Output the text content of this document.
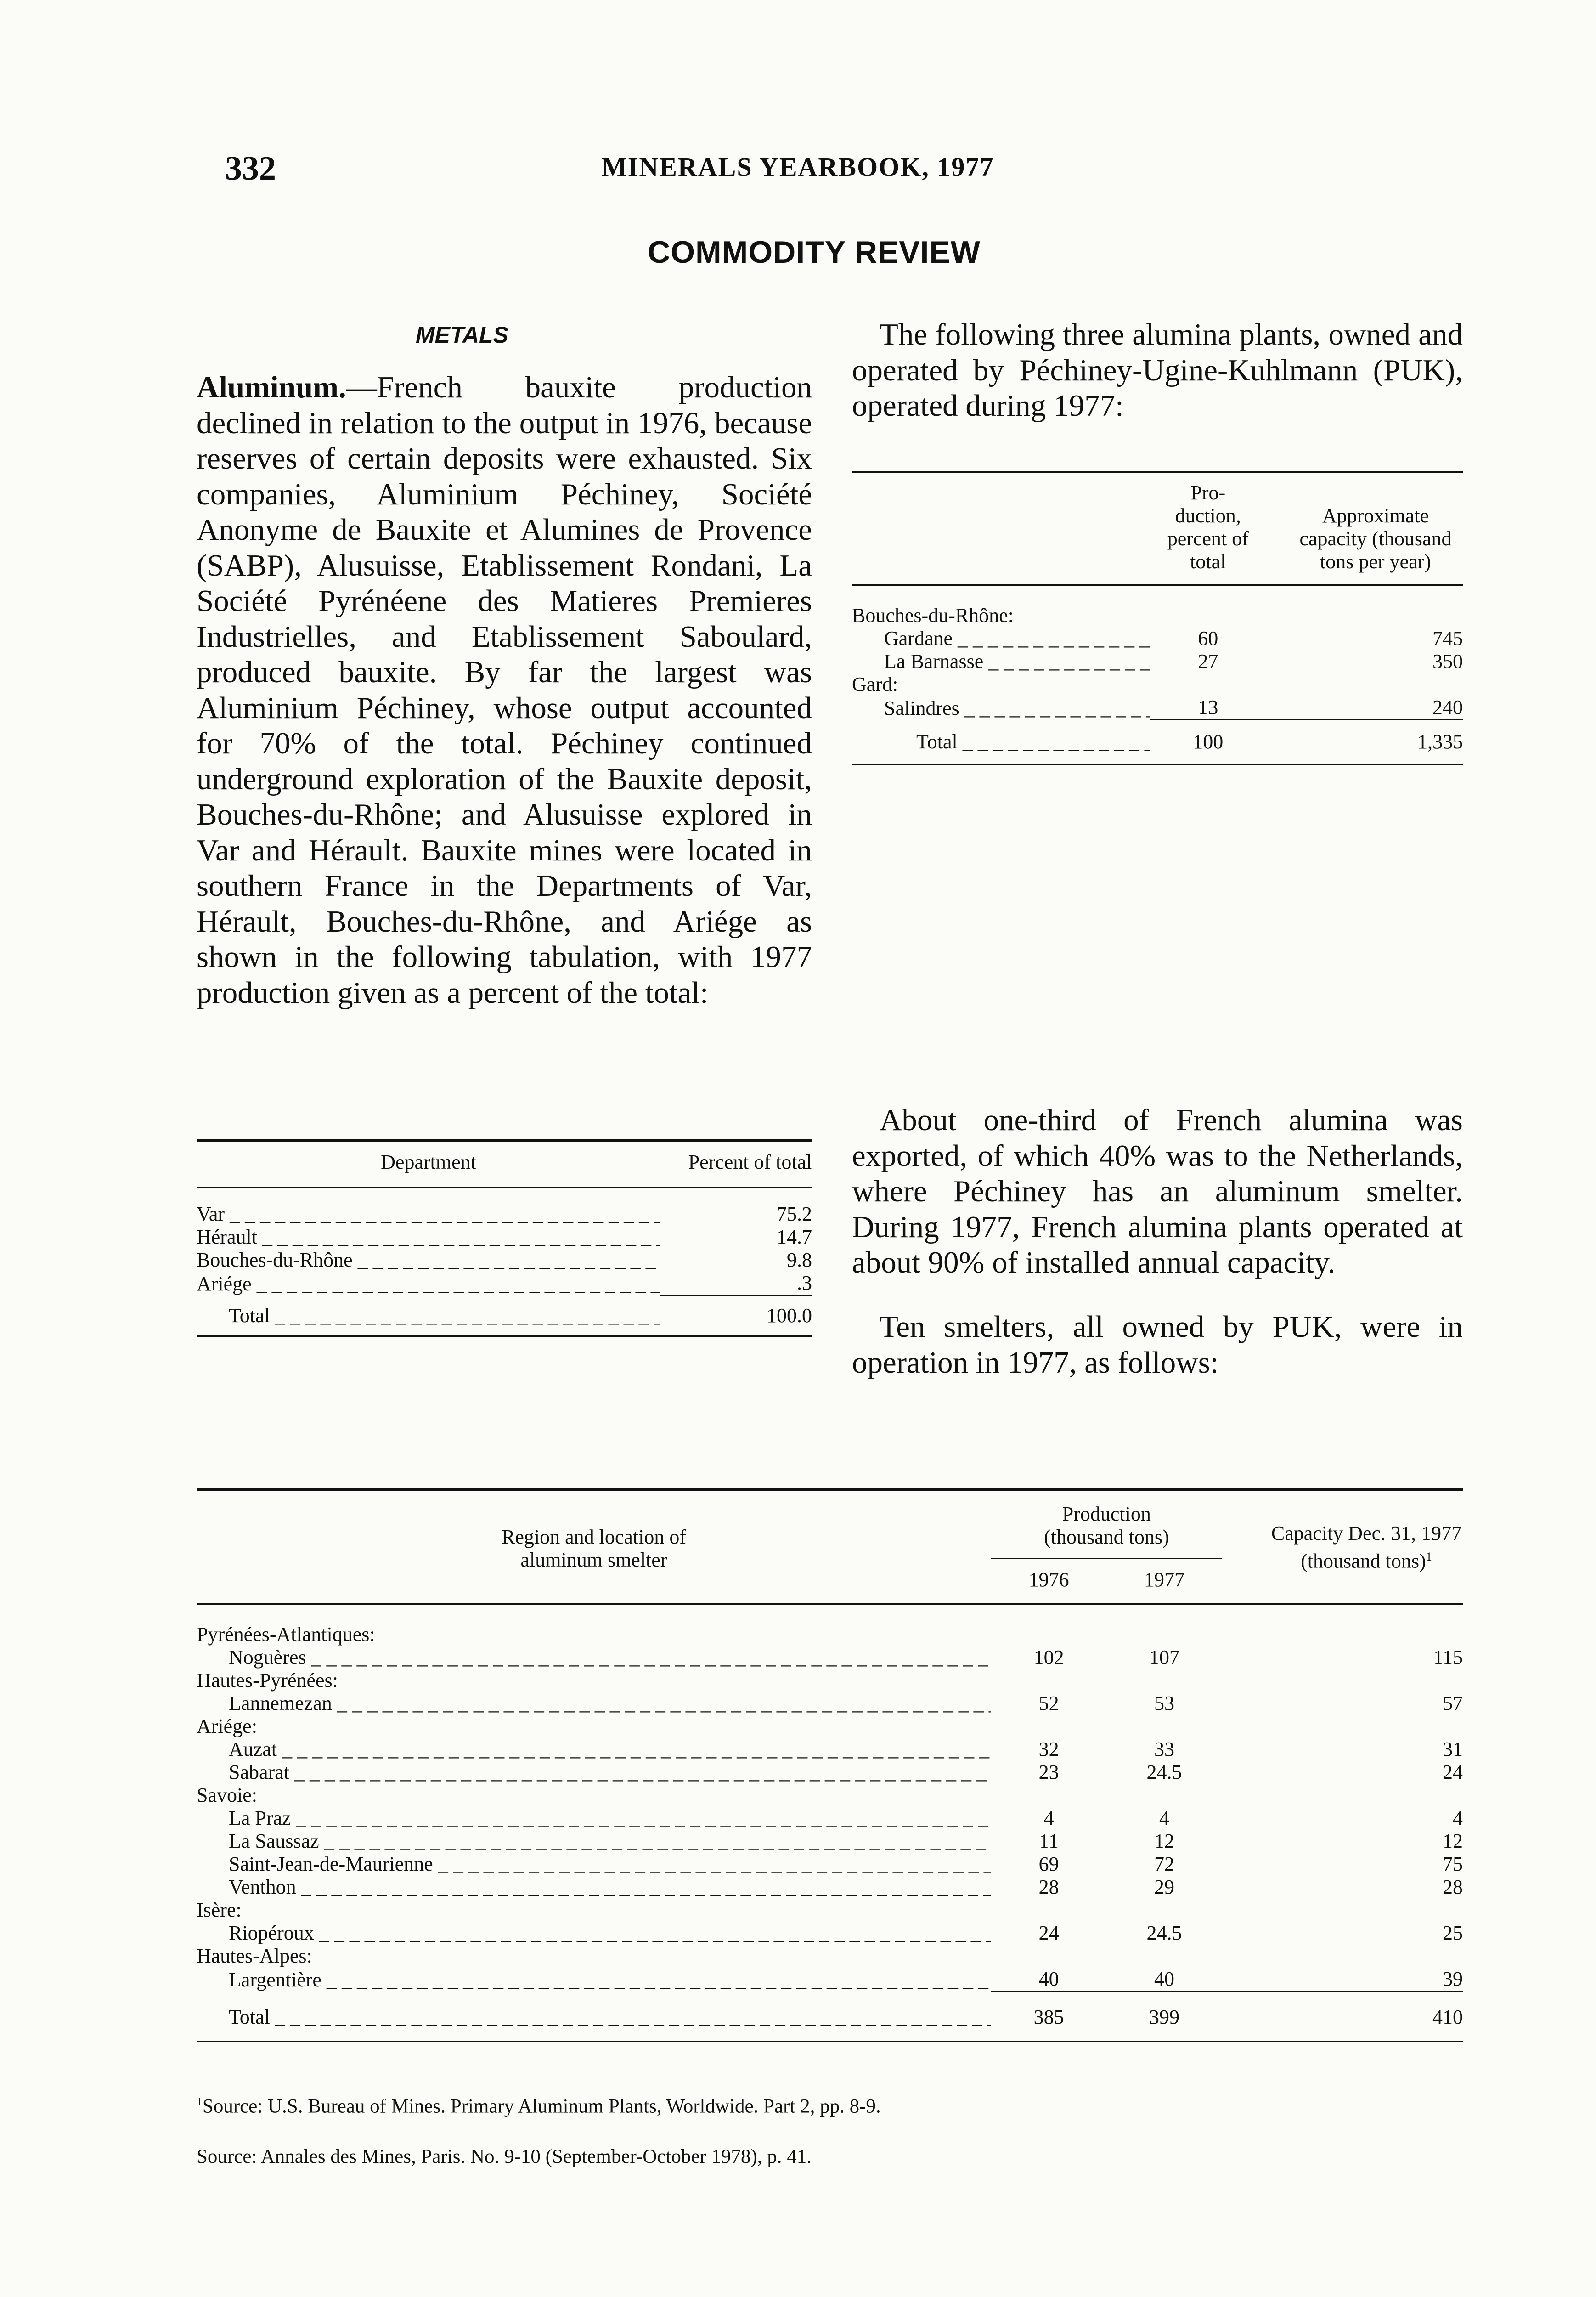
332	MINERALS YEARBOOK, 1977
COMMODITY REVIEW
METALS

Aluminum.—French bauxite production declined in relation to the output in 1976, because reserves of certain deposits were exhausted. Six companies, Aluminium Péchiney, Société Anonyme de Bauxite et Alumines de Provence (SABP), Alusuisse, Etablissement Rondani, La Société Pyrénéene des Matieres Premieres Industrielles, and Etablissement Saboulard, produced bauxite. By far the largest was Aluminium Péchiney, whose output accounted for 70% of the total. Péchiney continued underground exploration of the Bauxite deposit, Bouches-du-Rhône; and Alusuisse explored in Var and Hérault. Bauxite mines were located in southern France in the Departments of Var, Hérault, Bouches-du-Rhône, and Ariége as shown in the following tabulation, with 1977 production given as a percent of the total:

The following three alumina plants, owned and operated by Péchiney-Ugine-Kuhlmann (PUK), operated during 1977:

About one-third of French alumina was exported, of which 40% was to the Netherlands, where Péchiney has an aluminum smelter. During 1977, French alumina plants operated at about 90% of installed annual capacity.

Ten smelters, all owned by PUK, were in operation in 1977, as follows:

Department	Percent of total

Var _ _ _	75.2
Hérault _ _ _	14.7
Bouches-du-Rhône _ _ _	9.8
Ariége _ _ _	.3
Total _ _ _	100.0

	Pro- duction, percent of total	Approximate capacity (thousand tons per year)

Bouches-du-Rhône:		
Gardane _ _ _	60	745
La Barnasse _ _ _	27	350
Gard:		
Salindres _ _ _	13	240
Total _ _ _	100	1,335
Region and location of aluminum smelter	Production (thousand tons)		Capacity Dec. 31, 1977 (thousand tons)$^1$

	1976	1977	

Pyrénées-Atlantiques:			
Noguères _ _ _	102	107	115
Hautes-Pyrénées:			
Lannemezan _ _ _	52	53	57
Ariége:			
Auzat _ _ _	32	33	31
Sabarat _ _ _	23	24.5	24
Savoie:			
La Praz _ _ _	4	4	4
La Saussaz _ _ _	11	12	12
Saint-Jean-de-Maurienne _ _ _	69	72	75
Venthon _ _ _	28	29	28
Isère:			
Riopéroux _ _ _	24	24.5	25
Hautes-Alpes:			
Largentière _ _ _	40	40	39
Total _ _ _	385	399	410
$^1$Source: U.S. Bureau of Mines. Primary Aluminum Plants, Worldwide. Part 2, pp. 8-9.
Source: Annales des Mines, Paris. No. 9-10 (September-October 1978), p. 41.
